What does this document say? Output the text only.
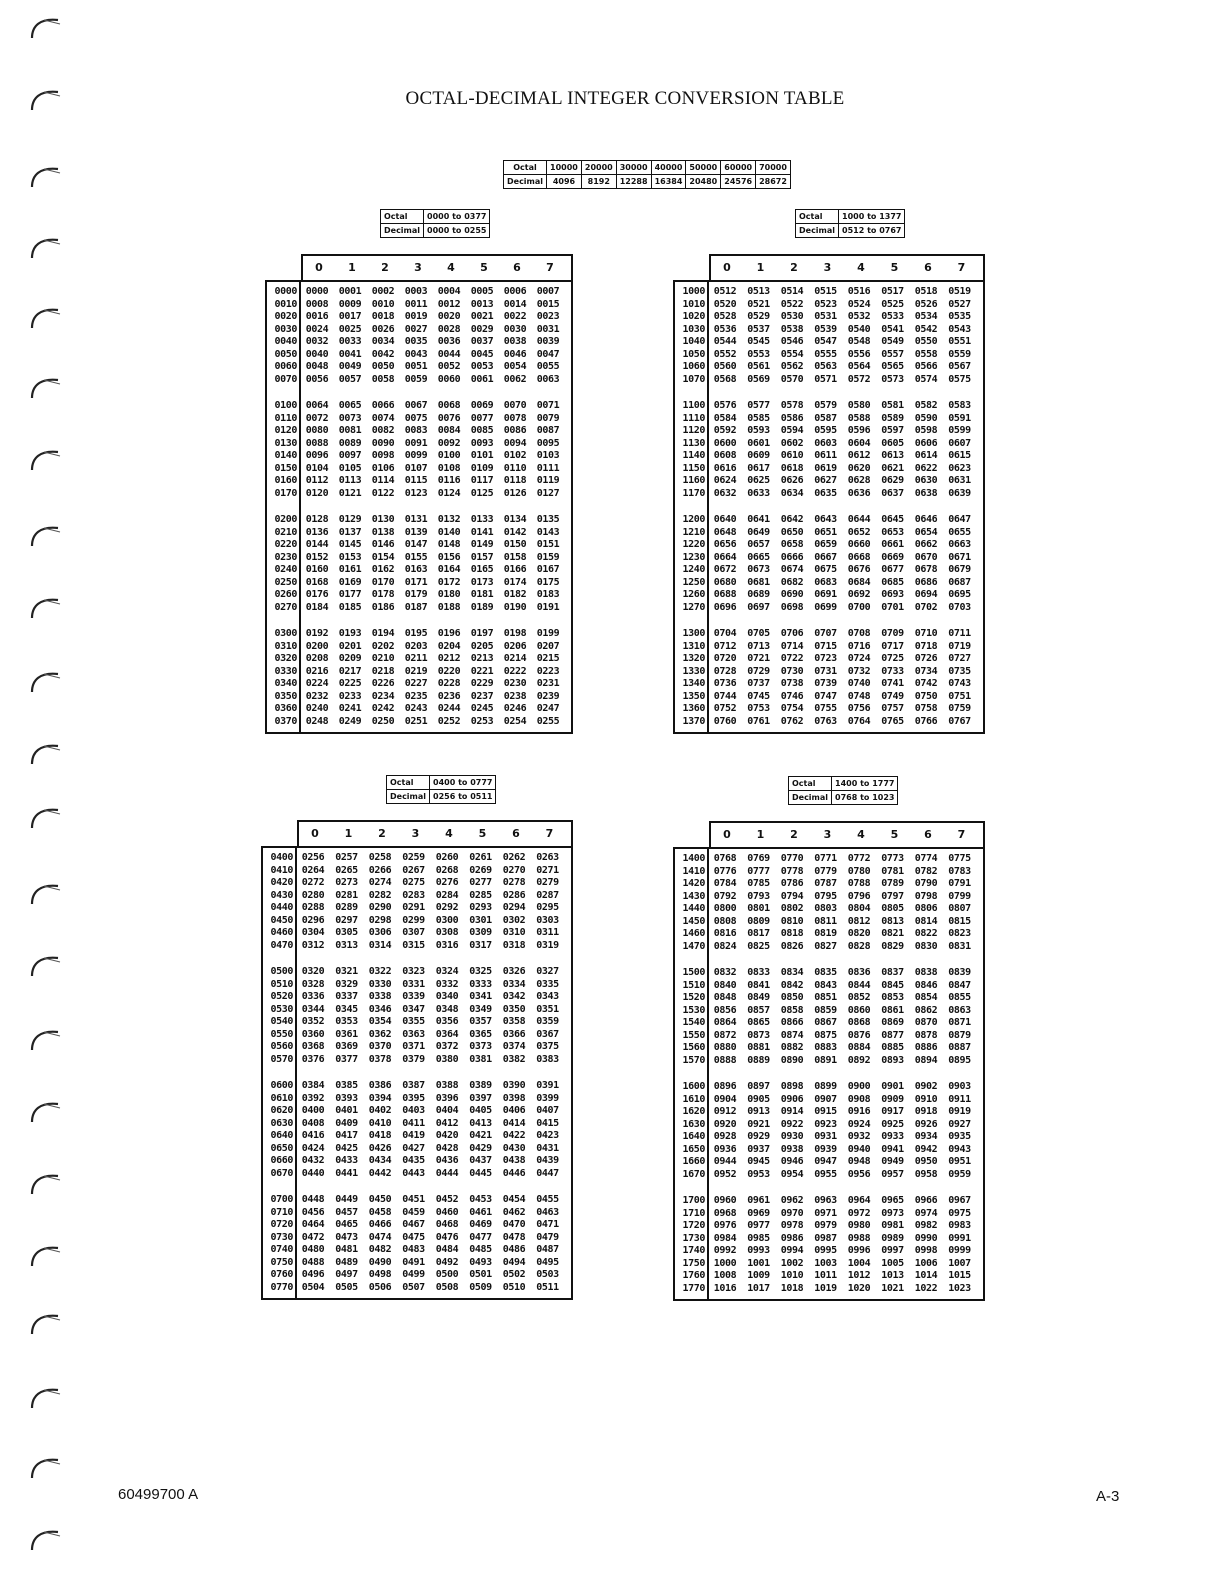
OCTAL-DECIMAL INTEGER CONVERSION TABLE
Octal	10000	20000	30000	40000	50000	60000	70000
Decimal	4096	8192	12288	16384	20480	24576	28672
Octal	0000 to 0377
Decimal	0000 to 0255
0	1	2	3	4	5	6	7
0000 0000	0001	0002	0003	0004	0005	0006	0007
0010 0008	0009	0010	0011	0012	0013	0014	0015
0020 0016	0017	0018	0019	0020	0021	0022	0023
0030 0024	0025	0026	0027	0028	0029	0030	0031
0040 0032	0033	0034	0035	0036	0037	0038	0039
0050 0040	0041	0042	0043	0044	0045	0046	0047
0060 0048	0049	0050	0051	0052	0053	0054	0055
0070 0056	0057	0058	0059	0060	0061	0062	0063
0100 0064	0065	0066	0067	0068	0069	0070	0071
0110 0072	0073	0074	0075	0076	0077	0078	0079
0120 0080	0081	0082	0083	0084	0085	0086	0087
0130 0088	0089	0090	0091	0092	0093	0094	0095
0140 0096	0097	0098	0099	0100	0101	0102	0103
0150 0104	0105	0106	0107	0108	0109	0110	0111
0160 0112	0113	0114	0115	0116	0117	0118	0119
0170 0120	0121	0122	0123	0124	0125	0126	0127
0200 0128	0129	0130	0131	0132	0133	0134	0135
0210 0136	0137	0138	0139	0140	0141	0142	0143
0220 0144	0145	0146	0147	0148	0149	0150	0151
0230 0152	0153	0154	0155	0156	0157	0158	0159
0240 0160	0161	0162	0163	0164	0165	0166	0167
0250 0168	0169	0170	0171	0172	0173	0174	0175
0260 0176	0177	0178	0179	0180	0181	0182	0183
0270 0184	0185	0186	0187	0188	0189	0190	0191
0300 0192	0193	0194	0195	0196	0197	0198	0199
0310 0200	0201	0202	0203	0204	0205	0206	0207
0320 0208	0209	0210	0211	0212	0213	0214	0215
0330 0216	0217	0218	0219	0220	0221	0222	0223
0340 0224	0225	0226	0227	0228	0229	0230	0231
0350 0232	0233	0234	0235	0236	0237	0238	0239
0360 0240	0241	0242	0243	0244	0245	0246	0247
0370 0248	0249	0250	0251	0252	0253	0254	0255
Octal	1000 to 1377
Decimal	0512 to 0767
0	1	2	3	4	5	6	7
1000 0512	0513	0514	0515	0516	0517	0518	0519
1010 0520	0521	0522	0523	0524	0525	0526	0527
1020 0528	0529	0530	0531	0532	0533	0534	0535
1030 0536	0537	0538	0539	0540	0541	0542	0543
1040 0544	0545	0546	0547	0548	0549	0550	0551
1050 0552	0553	0554	0555	0556	0557	0558	0559
1060 0560	0561	0562	0563	0564	0565	0566	0567
1070 0568	0569	0570	0571	0572	0573	0574	0575
1100 0576	0577	0578	0579	0580	0581	0582	0583
1110 0584	0585	0586	0587	0588	0589	0590	0591
1120 0592	0593	0594	0595	0596	0597	0598	0599
1130 0600	0601	0602	0603	0604	0605	0606	0607
1140 0608	0609	0610	0611	0612	0613	0614	0615
1150 0616	0617	0618	0619	0620	0621	0622	0623
1160 0624	0625	0626	0627	0628	0629	0630	0631
1170 0632	0633	0634	0635	0636	0637	0638	0639
1200 0640	0641	0642	0643	0644	0645	0646	0647
1210 0648	0649	0650	0651	0652	0653	0654	0655
1220 0656	0657	0658	0659	0660	0661	0662	0663
1230 0664	0665	0666	0667	0668	0669	0670	0671
1240 0672	0673	0674	0675	0676	0677	0678	0679
1250 0680	0681	0682	0683	0684	0685	0686	0687
1260 0688	0689	0690	0691	0692	0693	0694	0695
1270 0696	0697	0698	0699	0700	0701	0702	0703
1300 0704	0705	0706	0707	0708	0709	0710	0711
1310 0712	0713	0714	0715	0716	0717	0718	0719
1320 0720	0721	0722	0723	0724	0725	0726	0727
1330 0728	0729	0730	0731	0732	0733	0734	0735
1340 0736	0737	0738	0739	0740	0741	0742	0743
1350 0744	0745	0746	0747	0748	0749	0750	0751
1360 0752	0753	0754	0755	0756	0757	0758	0759
1370 0760	0761	0762	0763	0764	0765	0766	0767
Octal	0400 to 0777
Decimal	0256 to 0511
0	1	2	3	4	5	6	7
0400 0256	0257	0258	0259	0260	0261	0262	0263
0410 0264	0265	0266	0267	0268	0269	0270	0271
0420 0272	0273	0274	0275	0276	0277	0278	0279
0430 0280	0281	0282	0283	0284	0285	0286	0287
0440 0288	0289	0290	0291	0292	0293	0294	0295
0450 0296	0297	0298	0299	0300	0301	0302	0303
0460 0304	0305	0306	0307	0308	0309	0310	0311
0470 0312	0313	0314	0315	0316	0317	0318	0319
0500 0320	0321	0322	0323	0324	0325	0326	0327
0510 0328	0329	0330	0331	0332	0333	0334	0335
0520 0336	0337	0338	0339	0340	0341	0342	0343
0530 0344	0345	0346	0347	0348	0349	0350	0351
0540 0352	0353	0354	0355	0356	0357	0358	0359
0550 0360	0361	0362	0363	0364	0365	0366	0367
0560 0368	0369	0370	0371	0372	0373	0374	0375
0570 0376	0377	0378	0379	0380	0381	0382	0383
0600 0384	0385	0386	0387	0388	0389	0390	0391
0610 0392	0393	0394	0395	0396	0397	0398	0399
0620 0400	0401	0402	0403	0404	0405	0406	0407
0630 0408	0409	0410	0411	0412	0413	0414	0415
0640 0416	0417	0418	0419	0420	0421	0422	0423
0650 0424	0425	0426	0427	0428	0429	0430	0431
0660 0432	0433	0434	0435	0436	0437	0438	0439
0670 0440	0441	0442	0443	0444	0445	0446	0447
0700 0448	0449	0450	0451	0452	0453	0454	0455
0710 0456	0457	0458	0459	0460	0461	0462	0463
0720 0464	0465	0466	0467	0468	0469	0470	0471
0730 0472	0473	0474	0475	0476	0477	0478	0479
0740 0480	0481	0482	0483	0484	0485	0486	0487
0750 0488	0489	0490	0491	0492	0493	0494	0495
0760 0496	0497	0498	0499	0500	0501	0502	0503
0770 0504	0505	0506	0507	0508	0509	0510	0511
Octal	1400 to 1777
Decimal	0768 to 1023
0	1	2	3	4	5	6	7
1400 0768	0769	0770	0771	0772	0773	0774	0775
1410 0776	0777	0778	0779	0780	0781	0782	0783
1420 0784	0785	0786	0787	0788	0789	0790	0791
1430 0792	0793	0794	0795	0796	0797	0798	0799
1440 0800	0801	0802	0803	0804	0805	0806	0807
1450 0808	0809	0810	0811	0812	0813	0814	0815
1460 0816	0817	0818	0819	0820	0821	0822	0823
1470 0824	0825	0826	0827	0828	0829	0830	0831
1500 0832	0833	0834	0835	0836	0837	0838	0839
1510 0840	0841	0842	0843	0844	0845	0846	0847
1520 0848	0849	0850	0851	0852	0853	0854	0855
1530 0856	0857	0858	0859	0860	0861	0862	0863
1540 0864	0865	0866	0867	0868	0869	0870	0871
1550 0872	0873	0874	0875	0876	0877	0878	0879
1560 0880	0881	0882	0883	0884	0885	0886	0887
1570 0888	0889	0890	0891	0892	0893	0894	0895
1600 0896	0897	0898	0899	0900	0901	0902	0903
1610 0904	0905	0906	0907	0908	0909	0910	0911
1620 0912	0913	0914	0915	0916	0917	0918	0919
1630 0920	0921	0922	0923	0924	0925	0926	0927
1640 0928	0929	0930	0931	0932	0933	0934	0935
1650 0936	0937	0938	0939	0940	0941	0942	0943
1660 0944	0945	0946	0947	0948	0949	0950	0951
1670 0952	0953	0954	0955	0956	0957	0958	0959
1700 0960	0961	0962	0963	0964	0965	0966	0967
1710 0968	0969	0970	0971	0972	0973	0974	0975
1720 0976	0977	0978	0979	0980	0981	0982	0983
1730 0984	0985	0986	0987	0988	0989	0990	0991
1740 0992	0993	0994	0995	0996	0997	0998	0999
1750 1000	1001	1002	1003	1004	1005	1006	1007
1760 1008	1009	1010	1011	1012	1013	1014	1015
1770 1016	1017	1018	1019	1020	1021	1022	1023
60499700 A	A-3
